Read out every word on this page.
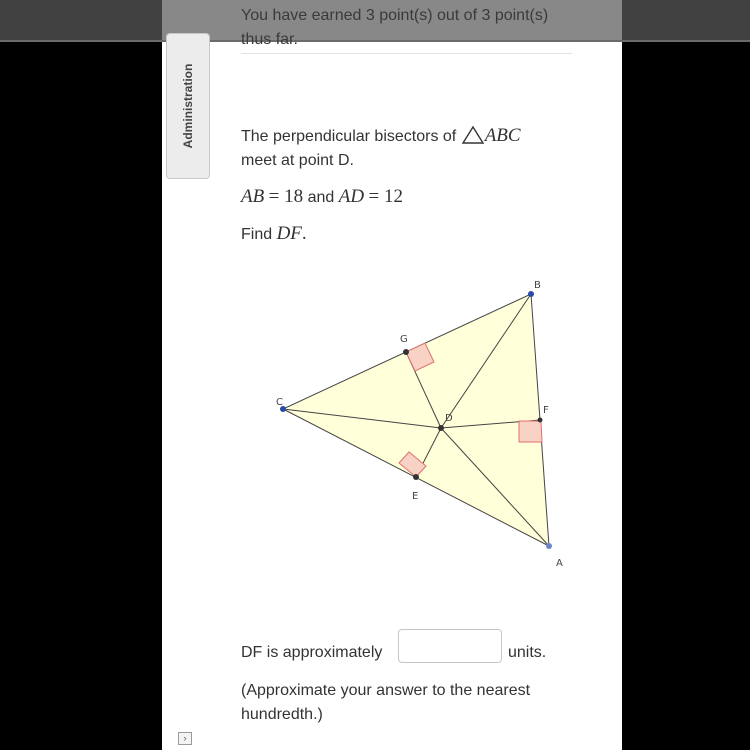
You have earned 3 point(s) out of 3 point(s) thus far.
Administration	The perpendicular bisectors of ABC
meet at point D.
AB = 18 and AD = 12
Find DF.
B
A
C
D
G
E
F
DF is approximately	units.
(Approximate your answer to the nearest hundredth.)
›
